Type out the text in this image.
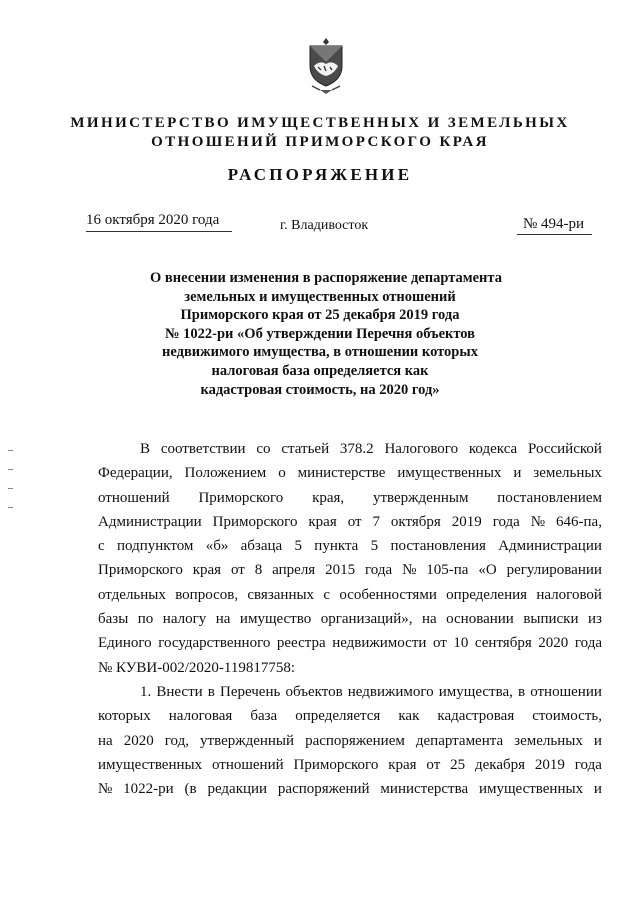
МИНИСТЕРСТВО ИМУЩЕСТВЕННЫХ И ЗЕМЕЛЬНЫХ
ОТНОШЕНИЙ ПРИМОРСКОГО КРАЯ
РАСПОРЯЖЕНИЕ
16 октября 2020 года	г. Владивосток	№ 494-ри
О внесении изменения в распоряжение департамента
земельных и имущественных отношений
Приморского края от 25 декабря 2019 года
№ 1022-ри «Об утверждении Перечня объектов
недвижимого имущества, в отношении которых
налоговая база определяется как
кадастровая стоимость, на 2020 год»
В соответствии со статьей 378.2 Налогового кодекса Российской
Федерации, Положением о министерстве имущественных и земельных
отношений Приморского края, утвержденным постановлением
Администрации Приморского края от 7 октября 2019 года № 646-па,
с подпунктом «б» абзаца 5 пункта 5 постановления Администрации
Приморского края от 8 апреля 2015 года № 105-па «О регулировании
отдельных вопросов, связанных с особенностями определения налоговой
базы по налогу на имущество организаций», на основании выписки из
Единого государственного реестра недвижимости от 10 сентября 2020 года
№ КУВИ-002/2020-119817758:
1. Внести в Перечень объектов недвижимого имущества, в отношении
которых налоговая база определяется как кадастровая стоимость,
на 2020 год, утвержденный распоряжением департамента земельных и
имущественных отношений Приморского края от 25 декабря 2019 года
№ 1022-ри (в редакции распоряжений министерства имущественных и
